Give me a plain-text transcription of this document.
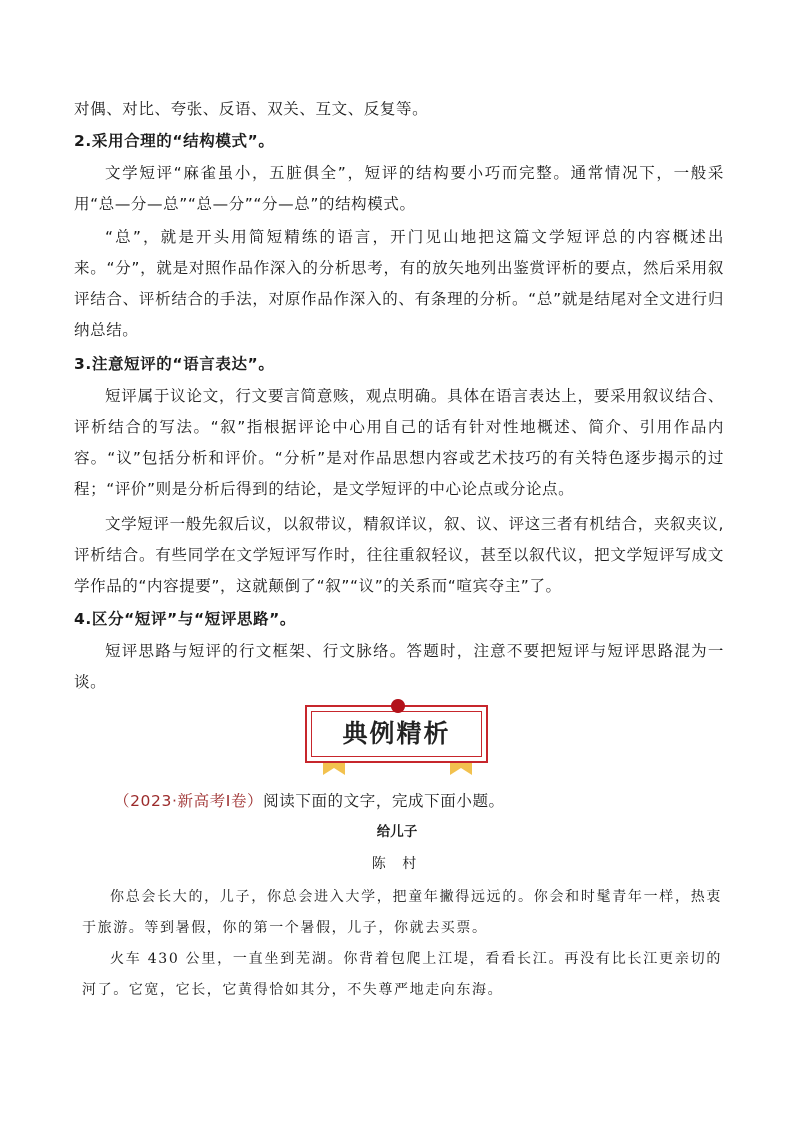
对偶、对比、夸张、反语、双关、互文、反复等。

2.采用合理的“结构模式”。

文学短评“麻雀虽小，五脏俱全”，短评的结构要小巧而完整。通常情况下，一般采用“总—分—总”“总—分”“分—总”的结构模式。

“总”，就是开头用简短精练的语言，开门见山地把这篇文学短评总的内容概述出来。“分”，就是对照作品作深入的分析思考，有的放矢地列出鉴赏评析的要点，然后采用叙评结合、评析结合的手法，对原作品作深入的、有条理的分析。“总”就是结尾对全文进行归纳总结。

3.注意短评的“语言表达”。

短评属于议论文，行文要言简意赅，观点明确。具体在语言表达上，要采用叙议结合、评析结合的写法。“叙”指根据评论中心用自己的话有针对性地概述、简介、引用作品内容。“议”包括分析和评价。“分析”是对作品思想内容或艺术技巧的有关特色逐步揭示的过程；“评价”则是分析后得到的结论，是文学短评的中心论点或分论点。

文学短评一般先叙后议，以叙带议，精叙详议，叙、议、评这三者有机结合，夹叙夹议,评析结合。有些同学在文学短评写作时，往往重叙轻议，甚至以叙代议，把文学短评写成文学作品的“内容提要”，这就颠倒了“叙”“议”的关系而“喧宾夺主”了。

4.区分“短评”与“短评思路”。

短评思路与短评的行文框架、行文脉络。答题时，注意不要把短评与短评思路混为一谈。

典例精析
（2023·新高考Ⅰ卷）阅读下面的文字，完成下面小题。
给儿子
陈 村

你总会长大的，儿子，你总会进入大学，把童年撇得远远的。你会和时髦青年一样，热衷于旅游。等到暑假，你的第一个暑假，儿子，你就去买票。

火车 430 公里，一直坐到芜湖。你背着包爬上江堤，看看长江。再没有比长江更亲切的河了。它宽，它长，它黄得恰如其分，不失尊严地走向东海。
